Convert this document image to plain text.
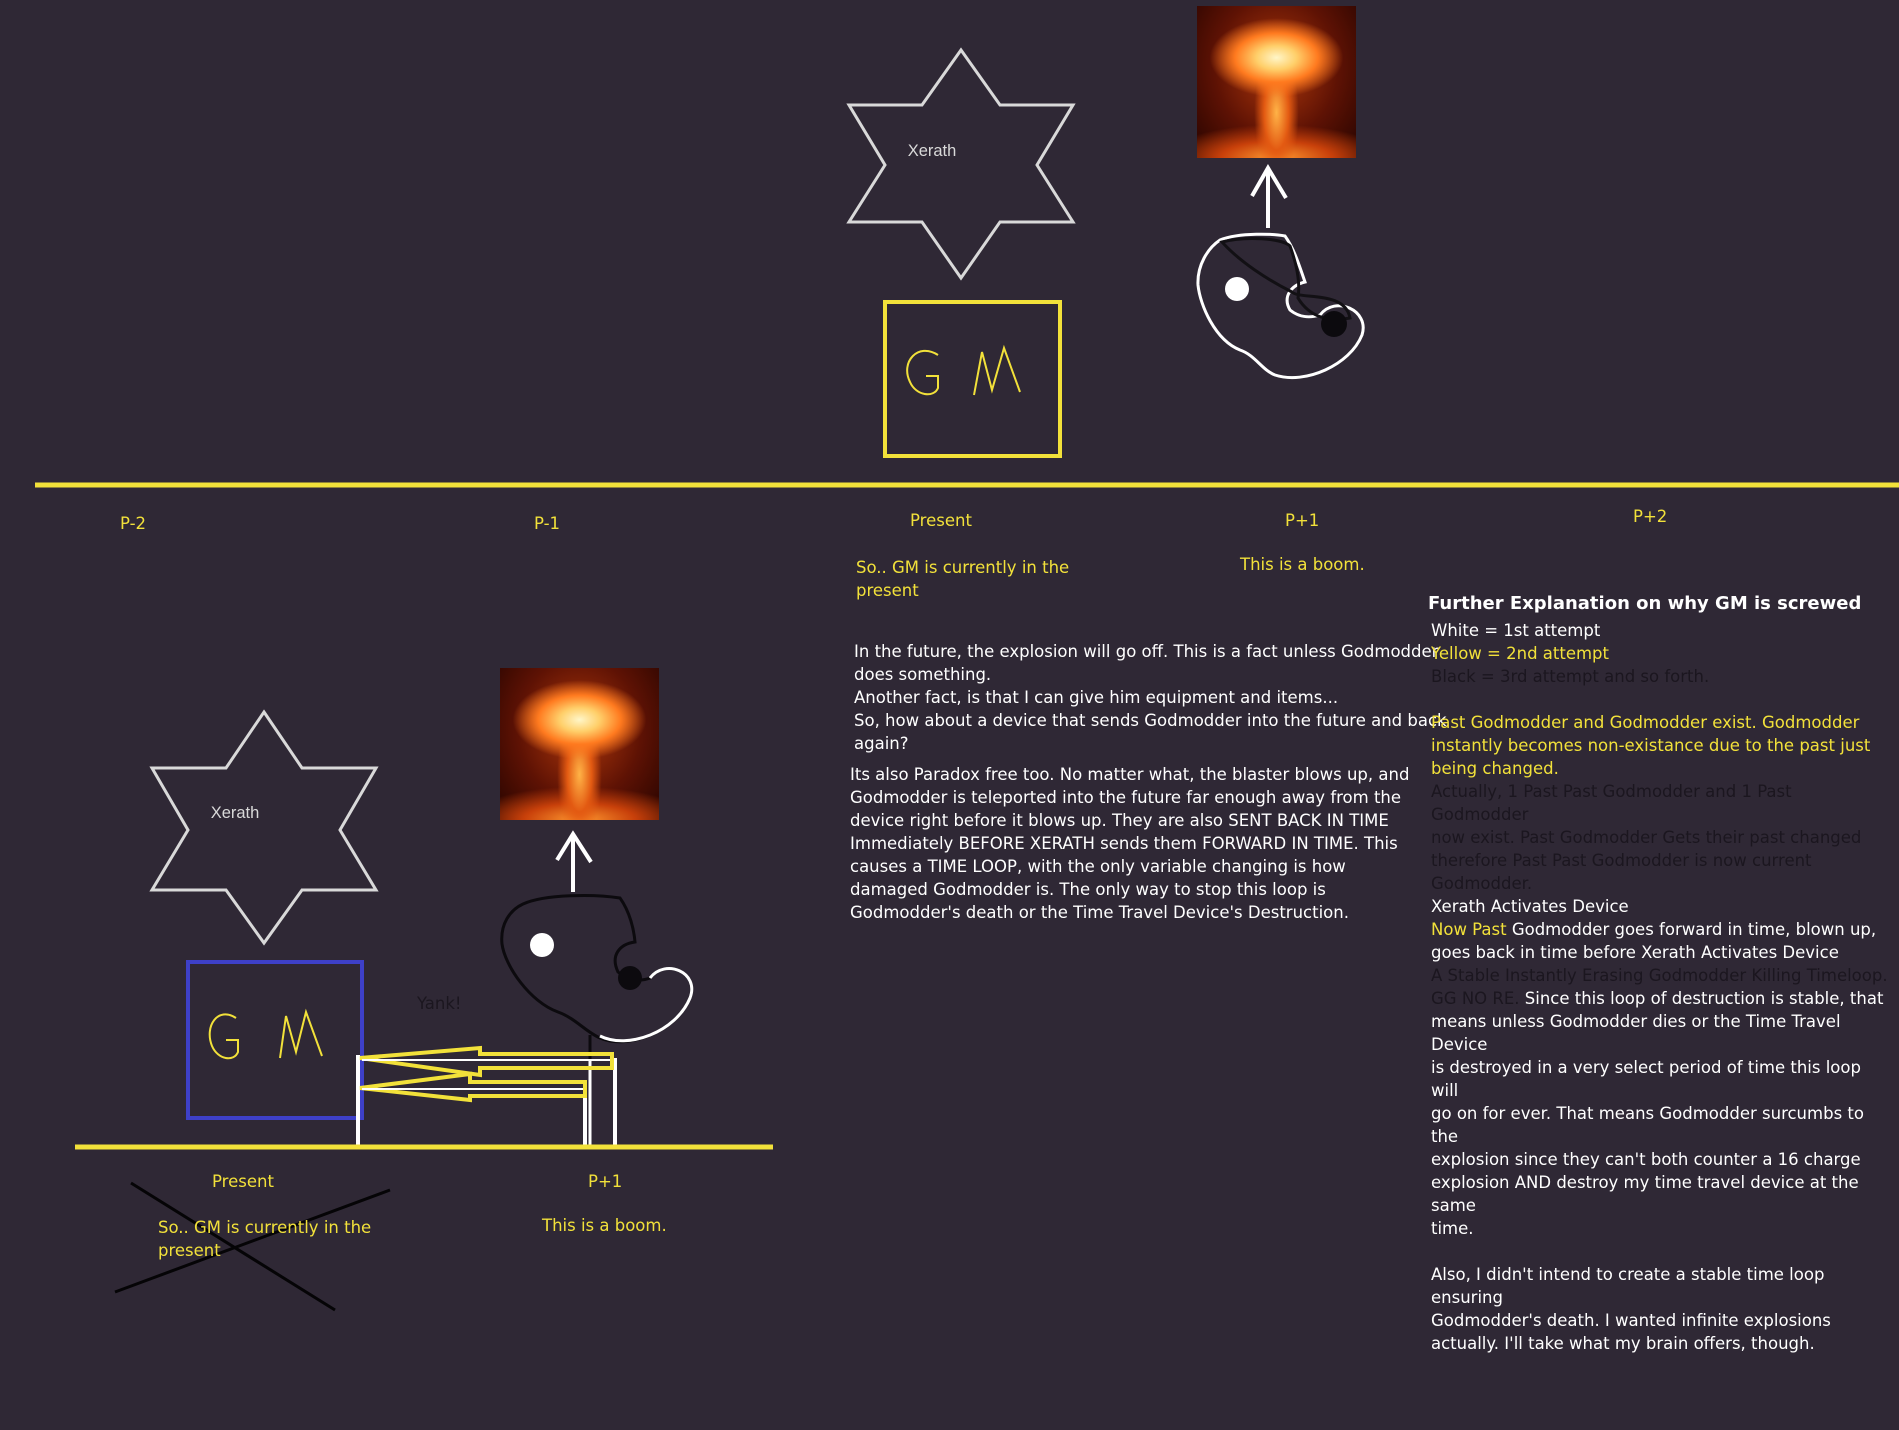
Xerath
Xerath
P-2	P-1	Present	P+1	P+2
So.. GM is currently in the present
This is a boom.
In the future, the explosion will go off. This is a fact unless Godmodder
does something.
Another fact, is that I can give him equipment and items...
So, how about a device that sends Godmodder into the future and back
again?
Its also Paradox free too. No matter what, the blaster blows up, and
Godmodder is teleported into the future far enough away from the
device right before it blows up. They are also SENT BACK IN TIME
Immediately BEFORE XERATH sends them FORWARD IN TIME. This
causes a TIME LOOP, with the only variable changing is how
damaged Godmodder is. The only way to stop this loop is
Godmodder's death or the Time Travel Device's Destruction.
Further Explanation on why GM is screwed
White = 1st attempt
Yellow = 2nd attempt
Black = 3rd attempt and so forth.
Past Godmodder and Godmodder exist. Godmodder
instantly becomes non-existance due to the past just
being changed.
Actually, 1 Past Past Godmodder and 1 Past Godmodder
now exist. Past Godmodder Gets their past changed
therefore Past Past Godmodder is now current
Godmodder.
Xerath Activates Device
Now Past Godmodder goes forward in time, blown up,
goes back in time before Xerath Activates Device
A Stable Instantly Erasing Godmodder Killing Timeloop.
GG NO RE. Since this loop of destruction is stable, that
means unless Godmodder dies or the Time Travel Device
is destroyed in a very select period of time this loop will
go on for ever. That means Godmodder surcumbs to the
explosion since they can't both counter a 16 charge
explosion AND destroy my time travel device at the same
time.
Also, I didn't intend to create a stable time loop ensuring
Godmodder's death. I wanted infinite explosions
actually. I'll take what my brain offers, though.
Yank!
Present	P+1
So.. GM is currently in the present
This is a boom.
